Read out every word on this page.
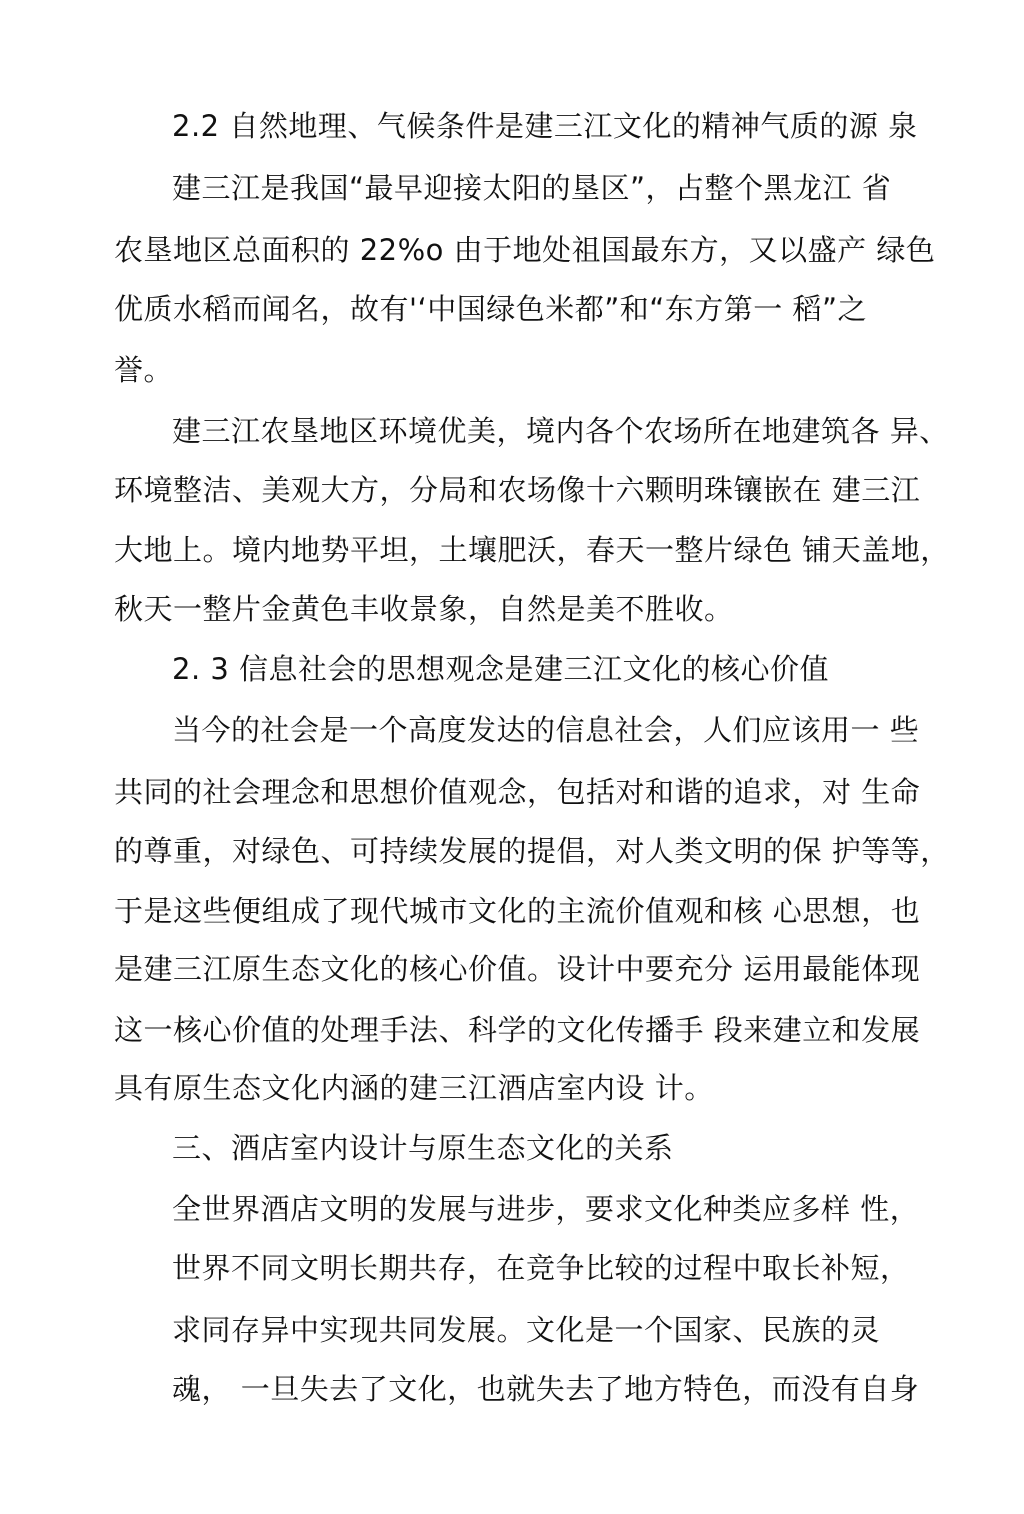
2.2 自然地理、气候条件是建三江文化的精神气质的源 泉
建三江是我国“最早迎接太阳的垦区”，占整个黑龙江 省
农垦地区总面积的 22%o 由于地处祖国最东方，又以盛产 绿色
优质水稻而闻名，故有'‘中国绿色米都”和“东方第一 稻”之
誉。
建三江农垦地区环境优美，境内各个农场所在地建筑各 异、
环境整洁、美观大方，分局和农场像十六颗明珠镶嵌在 建三江
大地上。境内地势平坦，土壤肥沃，春天一整片绿色 铺天盖地，
秋天一整片金黄色丰收景象，自然是美不胜收。
2. 3 信息社会的思想观念是建三江文化的核心价值
当今的社会是一个高度发达的信息社会，人们应该用一 些
共同的社会理念和思想价值观念，包括对和谐的追求，对 生命
的尊重，对绿色、可持续发展的提倡，对人类文明的保 护等等，
于是这些便组成了现代城市文化的主流价值观和核 心思想，也
是建三江原生态文化的核心价值。设计中要充分 运用最能体现
这一核心价值的处理手法、科学的文化传播手 段来建立和发展
具有原生态文化内涵的建三江酒店室内设 计。
三、酒店室内设计与原生态文化的关系
全世界酒店文明的发展与进步，要求文化种类应多样 性，
世界不同文明长期共存，在竞争比较的过程中取长补短，
求同存异中实现共同发展。文化是一个国家、民族的灵
魂， 一旦失去了文化，也就失去了地方特色，而没有自身
